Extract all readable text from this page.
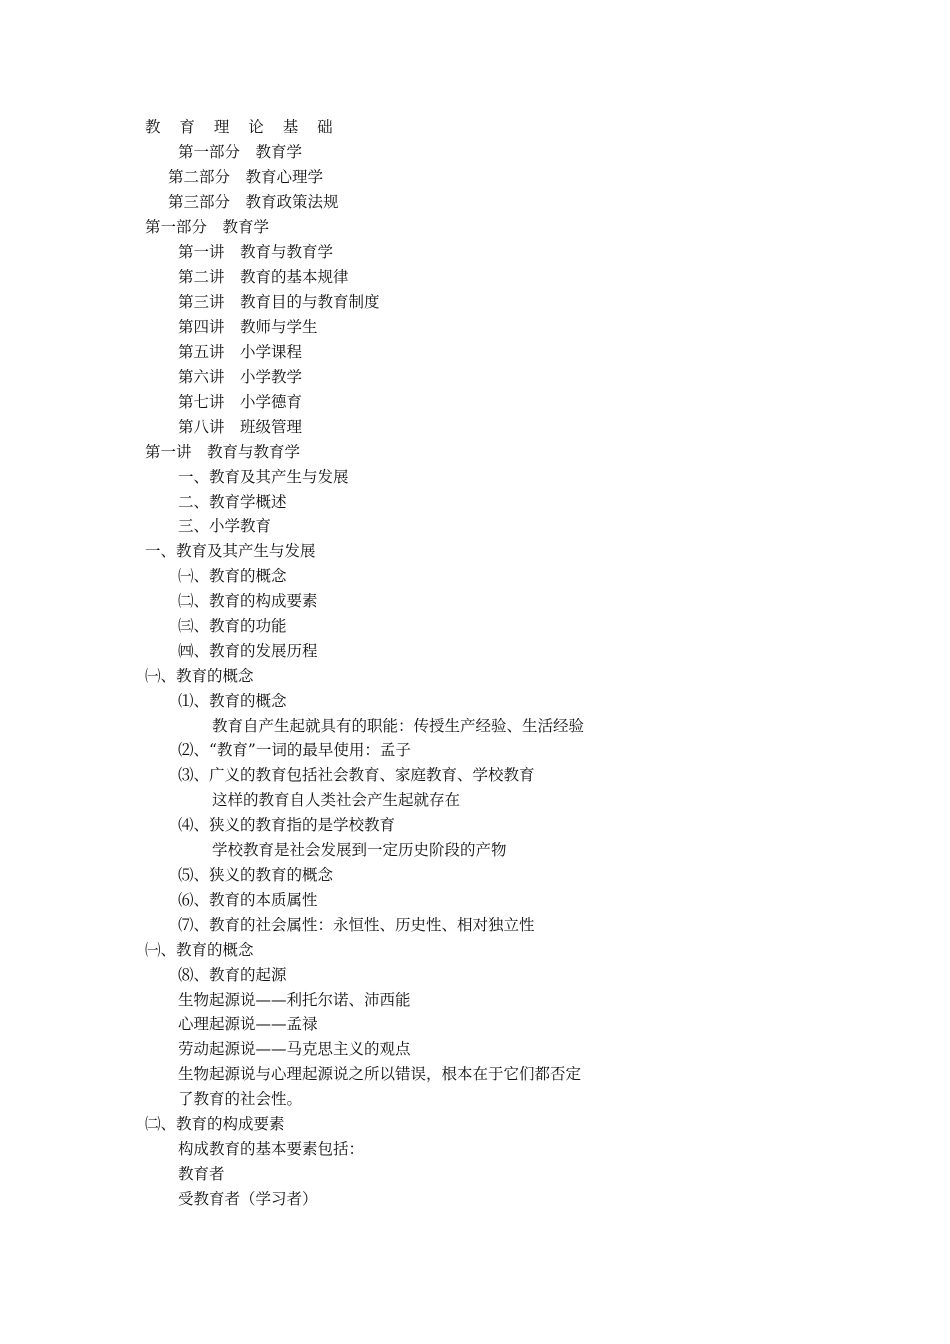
教 育 理 论 基 础
第一部分　教育学
第二部分　教育心理学
第三部分　教育政策法规
第一部分　教育学
第一讲　教育与教育学
第二讲　教育的基本规律
第三讲　教育目的与教育制度
第四讲　教师与学生
第五讲　小学课程
第六讲　小学教学
第七讲　小学德育
第八讲　班级管理
第一讲　教育与教育学
一、教育及其产生与发展
二、教育学概述
三、小学教育
一、教育及其产生与发展
㈠、教育的概念
㈡、教育的构成要素
㈢、教育的功能
㈣、教育的发展历程
㈠、教育的概念
⑴、教育的概念
教育自产生起就具有的职能：传授生产经验、生活经验
⑵、“教育”一词的最早使用：孟子
⑶、广义的教育包括社会教育、家庭教育、学校教育
这样的教育自人类社会产生起就存在
⑷、狭义的教育指的是学校教育
学校教育是社会发展到一定历史阶段的产物
⑸、狭义的教育的概念
⑹、教育的本质属性
⑺、教育的社会属性：永恒性、历史性、相对独立性
㈠、教育的概念
⑻、教育的起源
生物起源说——利托尔诺、沛西能
心理起源说——孟禄
劳动起源说——马克思主义的观点
生物起源说与心理起源说之所以错误，根本在于它们都否定
了教育的社会性。
㈡、教育的构成要素
构成教育的基本要素包括：
教育者
受教育者（学习者）
